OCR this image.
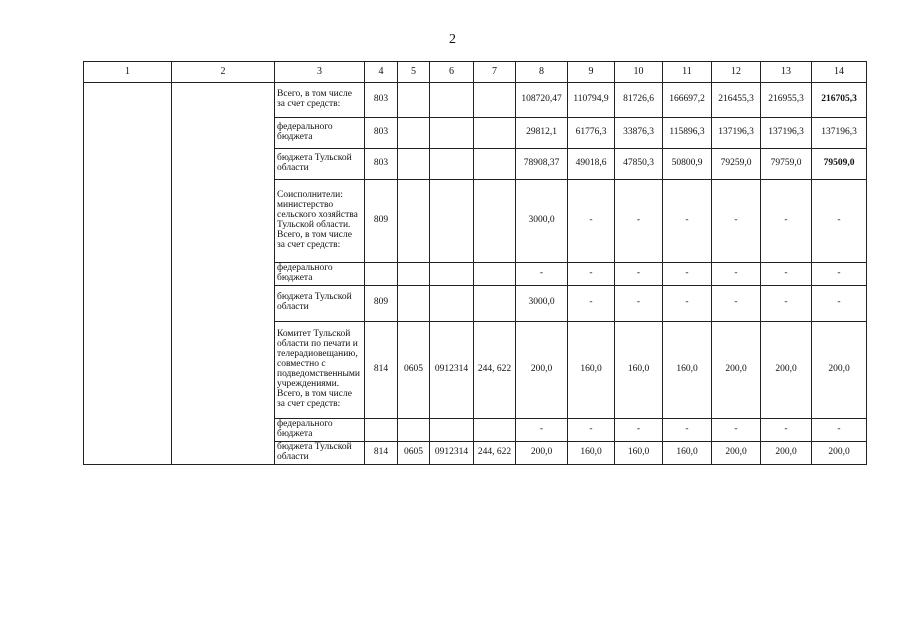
2
1	2	3	4	5	6	7	8	9	10	11	12	13	14
		Всего, в том числе за счет средств:	803				108720,47	110794,9	81726,6	166697,2	216455,3	216955,3	216705,3
		федерального бюджета	803				29812,1	61776,3	33876,3	115896,3	137196,3	137196,3	137196,3
		бюджета Тульской области	803				78908,37	49018,6	47850,3	50800,9	79259,0	79759,0	79509,0
		Соисполнители: министерство сельского хозяйства Тульской области. Всего, в том числе за счет средств:	809				3000,0	-	-	-	-	-	-
		федерального бюджета					-	-	-	-	-	-	-
		бюджета Тульской области	809				3000,0	-	-	-	-	-	-
		Комитет Тульской области по печати и телерадиовещанию, совместно с подведомственными учреждениями. Всего, в том числе за счет средств:	814	0605	0912314	244, 622	200,0	160,0	160,0	160,0	200,0	200,0	200,0
		федерального бюджета					-	-	-	-	-	-	-
		бюджета Тульской области	814	0605	0912314	244, 622	200,0	160,0	160,0	160,0	200,0	200,0	200,0
